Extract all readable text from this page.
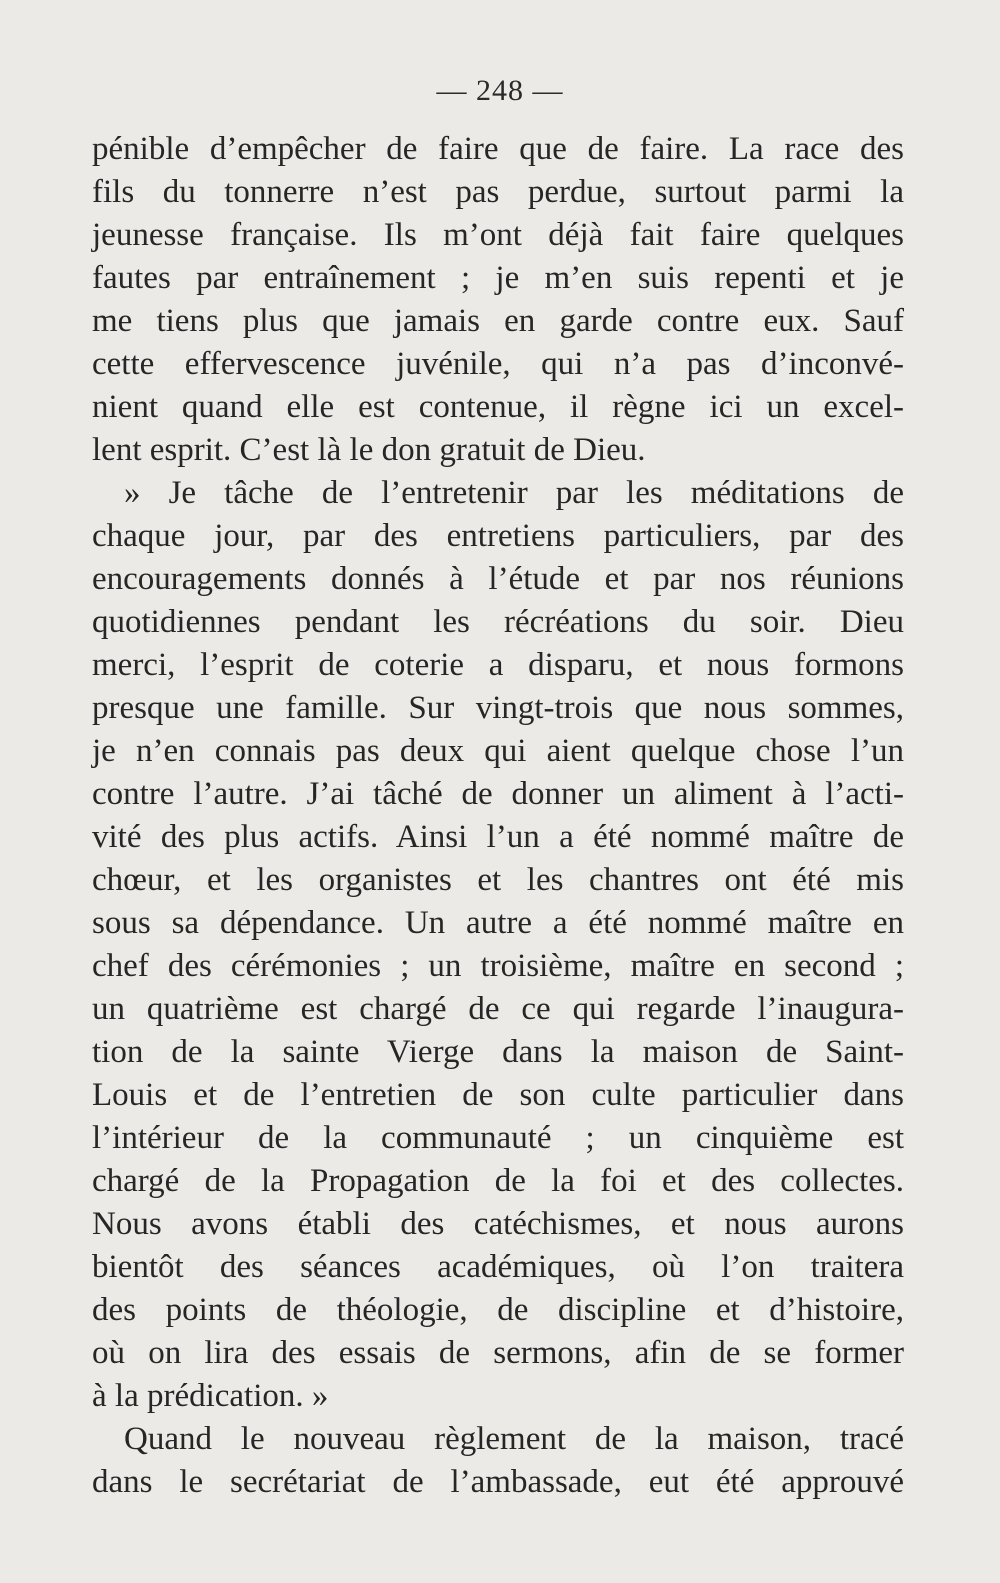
— 248 —
pénible d’empêcher de faire que de faire. La race des
fils du tonnerre n’est pas perdue, surtout parmi la
jeunesse française. Ils m’ont déjà fait faire quelques
fautes par entraînement ; je m’en suis repenti et je
me tiens plus que jamais en garde contre eux. Sauf
cette effervescence juvénile, qui n’a pas d’inconvé-
nient quand elle est contenue, il règne ici un excel-
lent esprit. C’est là le don gratuit de Dieu.
» Je tâche de l’entretenir par les méditations de
chaque jour, par des entretiens particuliers, par des
encouragements donnés à l’étude et par nos réunions
quotidiennes pendant les récréations du soir. Dieu
merci, l’esprit de coterie a disparu, et nous formons
presque une famille. Sur vingt-trois que nous sommes,
je n’en connais pas deux qui aient quelque chose l’un
contre l’autre. J’ai tâché de donner un aliment à l’acti-
vité des plus actifs. Ainsi l’un a été nommé maître de
chœur, et les organistes et les chantres ont été mis
sous sa dépendance. Un autre a été nommé maître en
chef des cérémonies ; un troisième, maître en second ;
un quatrième est chargé de ce qui regarde l’inaugura-
tion de la sainte Vierge dans la maison de Saint-
Louis et de l’entretien de son culte particulier dans
l’intérieur de la communauté ; un cinquième est
chargé de la Propagation de la foi et des collectes.
Nous avons établi des catéchismes, et nous aurons
bientôt des séances académiques, où l’on traitera
des points de théologie, de discipline et d’histoire,
où on lira des essais de sermons, afin de se former
à la prédication. »
Quand le nouveau règlement de la maison, tracé
dans le secrétariat de l’ambassade, eut été approuvé
